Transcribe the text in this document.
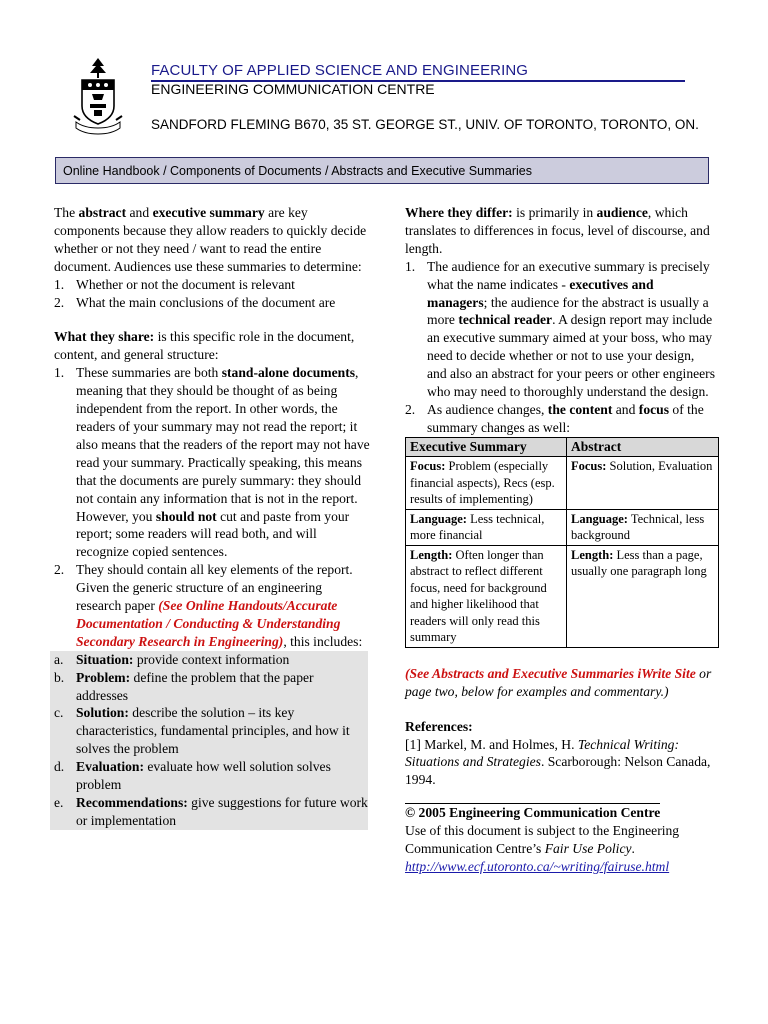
FACULTY OF APPLIED SCIENCE AND ENGINEERING
ENGINEERING COMMUNICATION CENTRE
SANDFORD FLEMING B670, 35 ST. GEORGE ST., UNIV. OF TORONTO, TORONTO, ON.
Online Handbook / Components of Documents / Abstracts and Executive Summaries

The abstract and executive summary are key components because they allow readers to quickly decide whether or not they need / want to read the entire document. Audiences use these summaries to determine:

1. Whether or not the document is relevant
2. What the main conclusions of the document are

What they share: is this specific role in the document, content, and general structure:

1. These summaries are both stand-alone documents, meaning that they should be thought of as being independent from the report. In other words, the readers of your summary may not read the report; it also means that the readers of the report may not have read your summary. Practically speaking, this means that the documents are purely summary: they should not contain any information that is not in the report. However, you should not cut and paste from your report; some readers will read both, and will recognize copied sentences.
2. They should contain all key elements of the report. Given the generic structure of an engineering research paper (See Online Handouts/Accurate Documentation / Conducting & Understanding Secondary Research in Engineering), this includes:
a. Situation: provide context information
b. Problem: define the problem that the paper addresses
c. Solution: describe the solution – its key characteristics, fundamental principles, and how it solves the problem
d. Evaluation: evaluate how well solution solves problem
e. Recommendations: give suggestions for future work or implementation

Where they differ: is primarily in audience, which translates to differences in focus, level of discourse, and length.

1. The audience for an executive summary is precisely what the name indicates - executives and managers; the audience for the abstract is usually a more technical reader. A design report may include an executive summary aimed at your boss, who may need to decide whether or not to use your design, and also an abstract for your peers or other engineers who may need to thoroughly understand the design.
2. As audience changes, the content and focus of the summary changes as well:
Executive Summary	Abstract
Focus: Problem (especially financial aspects), Recs (esp. results of implementing)	Focus: Solution, Evaluation
Language: Less technical, more financial	Language: Technical, less background
Length: Often longer than abstract to reflect different focus, need for background and higher likelihood that readers will only read this summary	Length: Less than a page, usually one paragraph long

(See Abstracts and Executive Summaries iWrite Site or page two, below for examples and commentary.)

References:

[1] Markel, M. and Holmes, H. Technical Writing: Situations and Strategies. Scarborough: Nelson Canada, 1994.

© 2005 Engineering Communication Centre

Use of this document is subject to the Engineering Communication Centre’s Fair Use Policy.

http://www.ecf.utoronto.ca/~writing/fairuse.html
